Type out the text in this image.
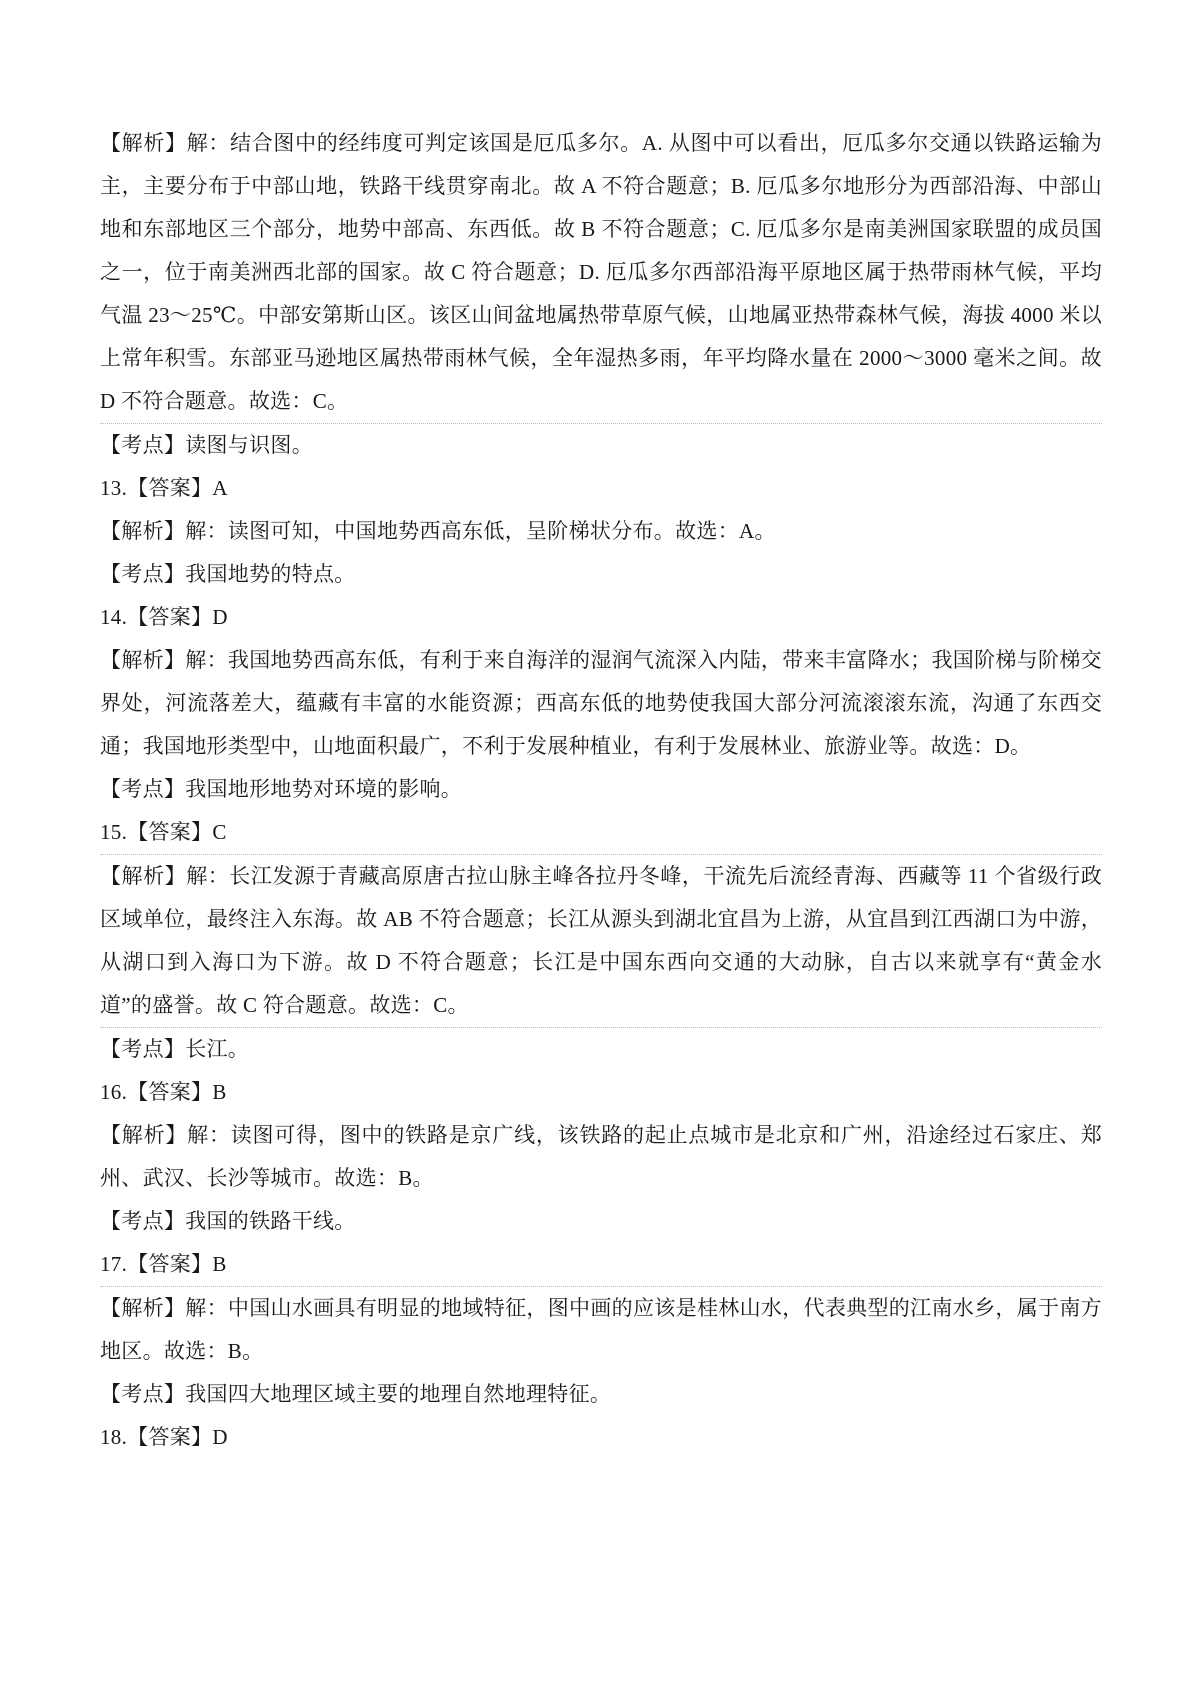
【解析】解：结合图中的经纬度可判定该国是厄瓜多尔。A. 从图中可以看出，厄瓜多尔交通以铁路运输为主，主要分布于中部山地，铁路干线贯穿南北。故 A 不符合题意；B. 厄瓜多尔地形分为西部沿海、中部山地和东部地区三个部分，地势中部高、东西低。故 B 不符合题意；C. 厄瓜多尔是南美洲国家联盟的成员国之一，位于南美洲西北部的国家。故 C 符合题意；D. 厄瓜多尔西部沿海平原地区属于热带雨林气候，平均气温 23～25℃。中部安第斯山区。该区山间盆地属热带草原气候，山地属亚热带森林气候，海拔 4000 米以上常年积雪。东部亚马逊地区属热带雨林气候，全年湿热多雨，年平均降水量在 2000～3000 毫米之间。故 D 不符合题意。故选：C。

【考点】读图与识图。

13.【答案】A

【解析】解：读图可知，中国地势西高东低，呈阶梯状分布。故选：A。

【考点】我国地势的特点。

14.【答案】D

【解析】解：我国地势西高东低，有利于来自海洋的湿润气流深入内陆，带来丰富降水；我国阶梯与阶梯交界处，河流落差大，蕴藏有丰富的水能资源；西高东低的地势使我国大部分河流滚滚东流，沟通了东西交通；我国地形类型中，山地面积最广，不利于发展种植业，有利于发展林业、旅游业等。故选：D。

【考点】我国地形地势对环境的影响。

15.【答案】C

【解析】解：长江发源于青藏高原唐古拉山脉主峰各拉丹冬峰，干流先后流经青海、西藏等 11 个省级行政区域单位，最终注入东海。故 AB 不符合题意；长江从源头到湖北宜昌为上游，从宜昌到江西湖口为中游，从湖口到入海口为下游。故 D 不符合题意；长江是中国东西向交通的大动脉，自古以来就享有“黄金水道”的盛誉。故 C 符合题意。故选：C。

【考点】长江。

16.【答案】B

【解析】解：读图可得，图中的铁路是京广线，该铁路的起止点城市是北京和广州，沿途经过石家庄、郑州、武汉、长沙等城市。故选：B。

【考点】我国的铁路干线。

17.【答案】B

【解析】解：中国山水画具有明显的地域特征，图中画的应该是桂林山水，代表典型的江南水乡，属于南方地区。故选：B。

【考点】我国四大地理区域主要的地理自然地理特征。

18.【答案】D
